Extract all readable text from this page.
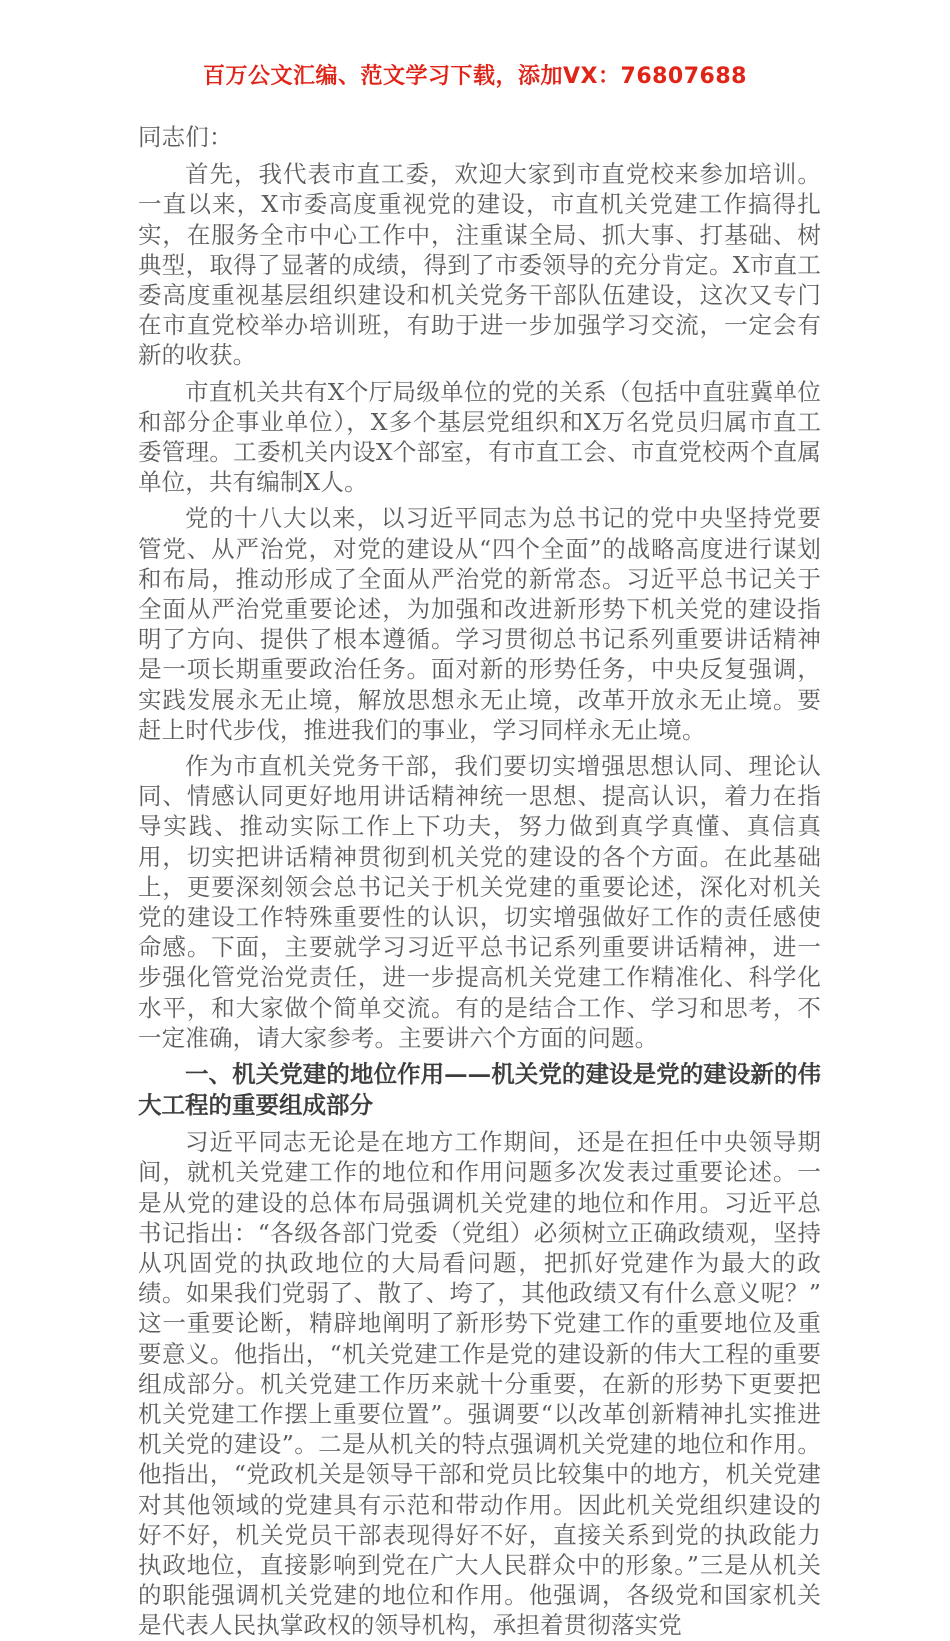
百万公文汇编、范文学习下载，添加VX：76807688

同志们：

首先，我代表市直工委，欢迎大家到市直党校来参加培训。一直以来，X市委高度重视党的建设，市直机关党建工作搞得扎实，在服务全市中心工作中，注重谋全局、抓大事、打基础、树典型，取得了显著的成绩，得到了市委领导的充分肯定。X市直工委高度重视基层组织建设和机关党务干部队伍建设，这次又专门在市直党校举办培训班，有助于进一步加强学习交流，一定会有新的收获。

市直机关共有X个厅局级单位的党的关系（包括中直驻冀单位和部分企事业单位），X多个基层党组织和X万名党员归属市直工委管理。工委机关内设X个部室，有市直工会、市直党校两个直属单位，共有编制X人。

党的十八大以来，以习近平同志为总书记的党中央坚持党要管党、从严治党，对党的建设从“四个全面”的战略高度进行谋划和布局，推动形成了全面从严治党的新常态。习近平总书记关于全面从严治党重要论述，为加强和改进新形势下机关党的建设指明了方向、提供了根本遵循。学习贯彻总书记系列重要讲话精神是一项长期重要政治任务。面对新的形势任务，中央反复强调，实践发展永无止境，解放思想永无止境，改革开放永无止境。要赶上时代步伐，推进我们的事业，学习同样永无止境。

作为市直机关党务干部，我们要切实增强思想认同、理论认同、情感认同更好地用讲话精神统一思想、提高认识，着力在指导实践、推动实际工作上下功夫，努力做到真学真懂、真信真用，切实把讲话精神贯彻到机关党的建设的各个方面。在此基础上，更要深刻领会总书记关于机关党建的重要论述，深化对机关党的建设工作特殊重要性的认识，切实增强做好工作的责任感使命感。下面，主要就学习习近平总书记系列重要讲话精神，进一步强化管党治党责任，进一步提高机关党建工作精准化、科学化水平，和大家做个简单交流。有的是结合工作、学习和思考，不一定准确，请大家参考。主要讲六个方面的问题。

一、机关党建的地位作用——机关党的建设是党的建设新的伟大工程的重要组成部分

习近平同志无论是在地方工作期间，还是在担任中央领导期间，就机关党建工作的地位和作用问题多次发表过重要论述。一是从党的建设的总体布局强调机关党建的地位和作用。习近平总书记指出：“各级各部门党委（党组）必须树立正确政绩观，坚持从巩固党的执政地位的大局看问题，把抓好党建作为最大的政绩。如果我们党弱了、散了、垮了，其他政绩又有什么意义呢？”这一重要论断，精辟地阐明了新形势下党建工作的重要地位及重要意义。他指出，“机关党建工作是党的建设新的伟大工程的重要组成部分。机关党建工作历来就十分重要，在新的形势下更要把机关党建工作摆上重要位置”。强调要“以改革创新精神扎实推进机关党的建设”。二是从机关的特点强调机关党建的地位和作用。他指出，“党政机关是领导干部和党员比较集中的地方，机关党建对其他领域的党建具有示范和带动作用。因此机关党组织建设的好不好，机关党员干部表现得好不好，直接关系到党的执政能力执政地位，直接影响到党在广大人民群众中的形象。”三是从机关的职能强调机关党建的地位和作用。他强调，各级党和国家机关是代表人民执掌政权的领导机构，承担着贯彻落实党
